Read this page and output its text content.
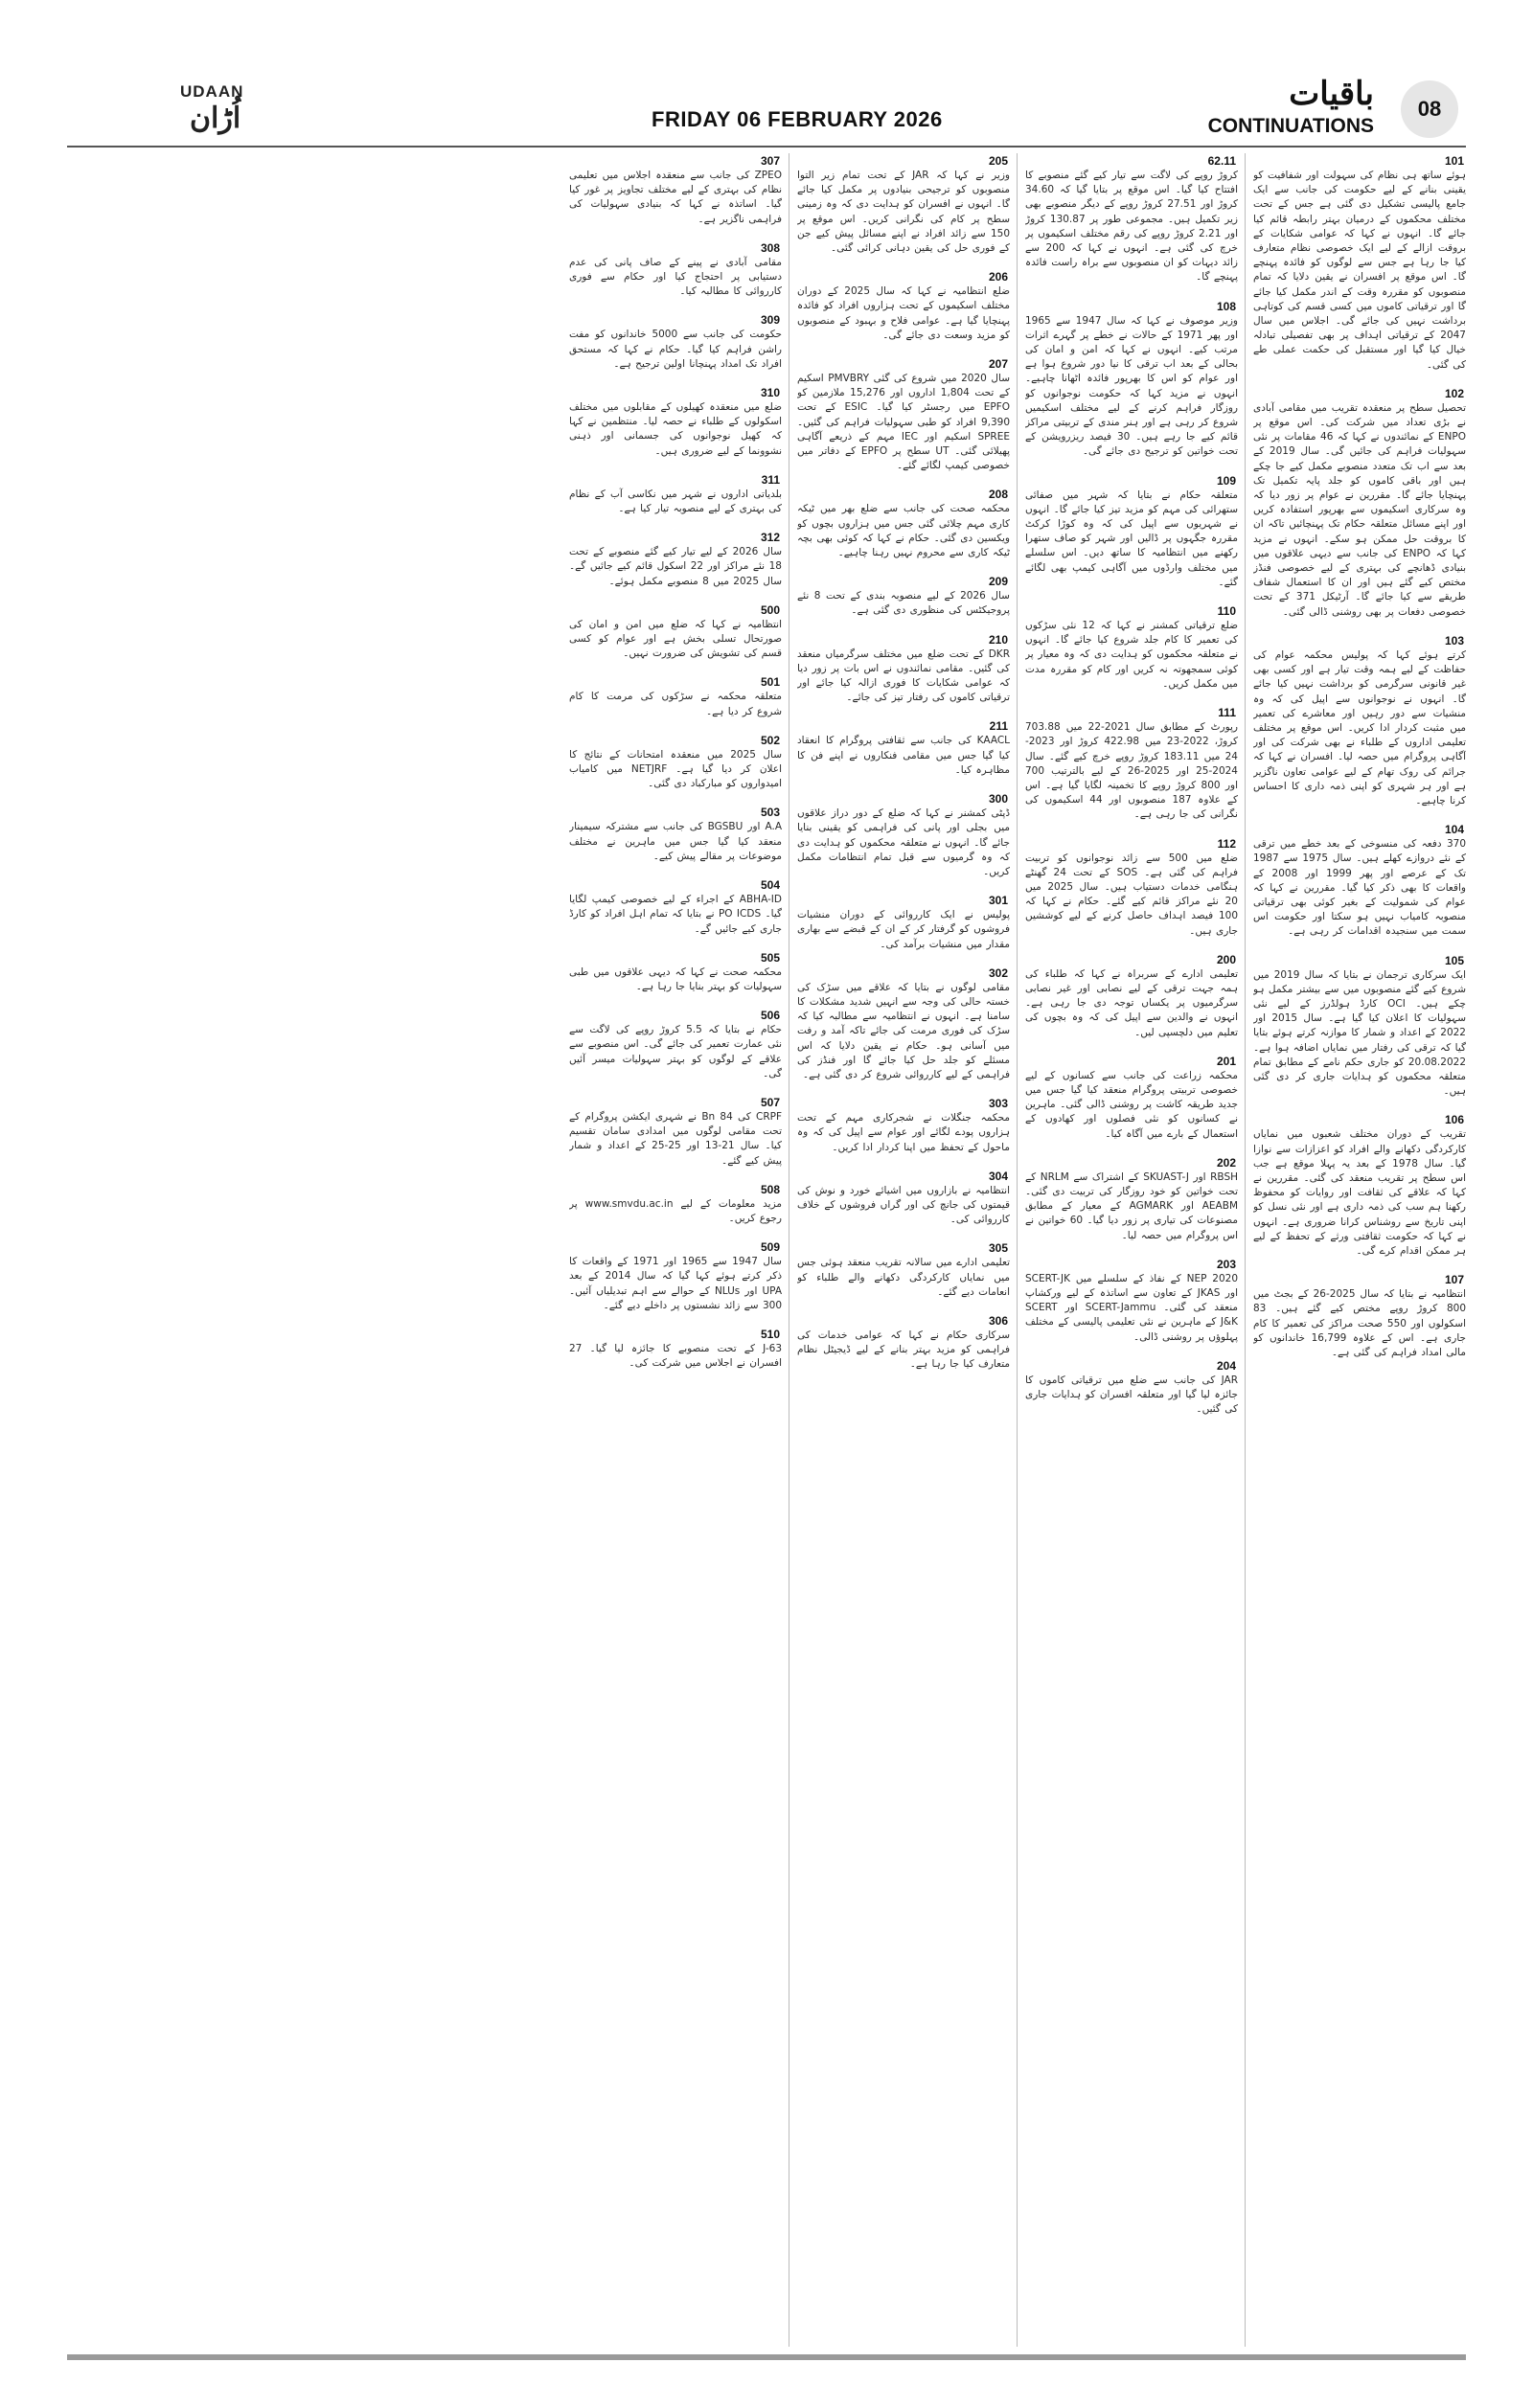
UDAAN
اُڑان	FRIDAY 06 FEBRUARY 2026
باقیات
CONTINUATIONS
08
101
ہوئے ساتھ ہی نظام کی سہولت اور شفافیت کو یقینی بنانے کے لیے حکومت کی جانب سے ایک جامع پالیسی تشکیل دی گئی ہے جس کے تحت مختلف محکموں کے درمیان بہتر رابطہ قائم کیا جائے گا۔ انہوں نے کہا کہ عوامی شکایات کے بروقت ازالے کے لیے ایک خصوصی نظام متعارف کیا جا رہا ہے جس سے لوگوں کو فائدہ پہنچے گا۔ اس موقع پر افسران نے یقین دلایا کہ تمام منصوبوں کو مقررہ وقت کے اندر مکمل کیا جائے گا اور ترقیاتی کاموں میں کسی قسم کی کوتاہی برداشت نہیں کی جائے گی۔ اجلاس میں سال 2047 کے ترقیاتی اہداف پر بھی تفصیلی تبادلہ خیال کیا گیا اور مستقبل کی حکمت عملی طے کی گئی۔
102
تحصیل سطح پر منعقدہ تقریب میں مقامی آبادی نے بڑی تعداد میں شرکت کی۔ اس موقع پر ENPO کے نمائندوں نے کہا کہ 46 مقامات پر نئی سہولیات فراہم کی جائیں گی۔ سال 2019 کے بعد سے اب تک متعدد منصوبے مکمل کیے جا چکے ہیں اور باقی کاموں کو جلد پایہ تکمیل تک پہنچایا جائے گا۔ مقررین نے عوام پر زور دیا کہ وہ سرکاری اسکیموں سے بھرپور استفادہ کریں اور اپنے مسائل متعلقہ حکام تک پہنچائیں تاکہ ان کا بروقت حل ممکن ہو سکے۔ انہوں نے مزید کہا کہ ENPO کی جانب سے دیہی علاقوں میں بنیادی ڈھانچے کی بہتری کے لیے خصوصی فنڈز مختص کیے گئے ہیں اور ان کا استعمال شفاف طریقے سے کیا جائے گا۔ آرٹیکل 371 کے تحت خصوصی دفعات پر بھی روشنی ڈالی گئی۔
103
کرتے ہوئے کہا کہ پولیس محکمہ عوام کی حفاظت کے لیے ہمہ وقت تیار ہے اور کسی بھی غیر قانونی سرگرمی کو برداشت نہیں کیا جائے گا۔ انہوں نے نوجوانوں سے اپیل کی کہ وہ منشیات سے دور رہیں اور معاشرے کی تعمیر میں مثبت کردار ادا کریں۔ اس موقع پر مختلف تعلیمی اداروں کے طلباء نے بھی شرکت کی اور آگاہی پروگرام میں حصہ لیا۔ افسران نے کہا کہ جرائم کی روک تھام کے لیے عوامی تعاون ناگزیر ہے اور ہر شہری کو اپنی ذمہ داری کا احساس کرنا چاہیے۔
104
370 دفعہ کی منسوخی کے بعد خطے میں ترقی کے نئے دروازے کھلے ہیں۔ سال 1975 سے 1987 تک کے عرصے اور پھر 1999 اور 2008 کے واقعات کا بھی ذکر کیا گیا۔ مقررین نے کہا کہ عوام کی شمولیت کے بغیر کوئی بھی ترقیاتی منصوبہ کامیاب نہیں ہو سکتا اور حکومت اس سمت میں سنجیدہ اقدامات کر رہی ہے۔
105
ایک سرکاری ترجمان نے بتایا کہ سال 2019 میں شروع کیے گئے منصوبوں میں سے بیشتر مکمل ہو چکے ہیں۔ OCI کارڈ ہولڈرز کے لیے نئی سہولیات کا اعلان کیا گیا ہے۔ سال 2015 اور 2022 کے اعداد و شمار کا موازنہ کرتے ہوئے بتایا گیا کہ ترقی کی رفتار میں نمایاں اضافہ ہوا ہے۔ 20.08.2022 کو جاری حکم نامے کے مطابق تمام متعلقہ محکموں کو ہدایات جاری کر دی گئی ہیں۔
106
تقریب کے دوران مختلف شعبوں میں نمایاں کارکردگی دکھانے والے افراد کو اعزازات سے نوازا گیا۔ سال 1978 کے بعد یہ پہلا موقع ہے جب اس سطح پر تقریب منعقد کی گئی۔ مقررین نے کہا کہ علاقے کی ثقافت اور روایات کو محفوظ رکھنا ہم سب کی ذمہ داری ہے اور نئی نسل کو اپنی تاریخ سے روشناس کرانا ضروری ہے۔ انہوں نے کہا کہ حکومت ثقافتی ورثے کے تحفظ کے لیے ہر ممکن اقدام کرے گی۔
107
انتظامیہ نے بتایا کہ سال 2025-26 کے بجٹ میں 800 کروڑ روپے مختص کیے گئے ہیں۔ 83 اسکولوں اور 550 صحت مراکز کی تعمیر کا کام جاری ہے۔ اس کے علاوہ 16,799 خاندانوں کو مالی امداد فراہم کی گئی ہے۔
62.11
کروڑ روپے کی لاگت سے تیار کیے گئے منصوبے کا افتتاح کیا گیا۔ اس موقع پر بتایا گیا کہ 34.60 کروڑ اور 27.51 کروڑ روپے کے دیگر منصوبے بھی زیر تکمیل ہیں۔ مجموعی طور پر 130.87 کروڑ اور 2.21 کروڑ روپے کی رقم مختلف اسکیموں پر خرچ کی گئی ہے۔ انہوں نے کہا کہ 200 سے زائد دیہات کو ان منصوبوں سے براہ راست فائدہ پہنچے گا۔
108
وزیر موصوف نے کہا کہ سال 1947 سے 1965 اور پھر 1971 کے حالات نے خطے پر گہرے اثرات مرتب کیے۔ انہوں نے کہا کہ امن و امان کی بحالی کے بعد اب ترقی کا نیا دور شروع ہوا ہے اور عوام کو اس کا بھرپور فائدہ اٹھانا چاہیے۔ انہوں نے مزید کہا کہ حکومت نوجوانوں کو روزگار فراہم کرنے کے لیے مختلف اسکیمیں شروع کر رہی ہے اور ہنر مندی کے تربیتی مراکز قائم کیے جا رہے ہیں۔ 30 فیصد ریزرویشن کے تحت خواتین کو ترجیح دی جائے گی۔
109
متعلقہ حکام نے بتایا کہ شہر میں صفائی ستھرائی کی مہم کو مزید تیز کیا جائے گا۔ انہوں نے شہریوں سے اپیل کی کہ وہ کوڑا کرکٹ مقررہ جگہوں پر ڈالیں اور شہر کو صاف ستھرا رکھنے میں انتظامیہ کا ساتھ دیں۔ اس سلسلے میں مختلف وارڈوں میں آگاہی کیمپ بھی لگائے گئے۔
110
ضلع ترقیاتی کمشنر نے کہا کہ 12 نئی سڑکوں کی تعمیر کا کام جلد شروع کیا جائے گا۔ انہوں نے متعلقہ محکموں کو ہدایت دی کہ وہ معیار پر کوئی سمجھوتہ نہ کریں اور کام کو مقررہ مدت میں مکمل کریں۔
111
رپورٹ کے مطابق سال 2021-22 میں 703.88 کروڑ، 2022-23 میں 422.98 کروڑ اور 2023-24 میں 183.11 کروڑ روپے خرچ کیے گئے۔ سال 2024-25 اور 2025-26 کے لیے بالترتیب 700 اور 800 کروڑ روپے کا تخمینہ لگایا گیا ہے۔ اس کے علاوہ 187 منصوبوں اور 44 اسکیموں کی نگرانی کی جا رہی ہے۔
112
ضلع میں 500 سے زائد نوجوانوں کو تربیت فراہم کی گئی ہے۔ SOS کے تحت 24 گھنٹے ہنگامی خدمات دستیاب ہیں۔ سال 2025 میں 20 نئے مراکز قائم کیے گئے۔ حکام نے کہا کہ 100 فیصد اہداف حاصل کرنے کے لیے کوششیں جاری ہیں۔
200
تعلیمی ادارے کے سربراہ نے کہا کہ طلباء کی ہمہ جہت ترقی کے لیے نصابی اور غیر نصابی سرگرمیوں پر یکساں توجہ دی جا رہی ہے۔ انہوں نے والدین سے اپیل کی کہ وہ بچوں کی تعلیم میں دلچسپی لیں۔
201
محکمہ زراعت کی جانب سے کسانوں کے لیے خصوصی تربیتی پروگرام منعقد کیا گیا جس میں جدید طریقہ کاشت پر روشنی ڈالی گئی۔ ماہرین نے کسانوں کو نئی فصلوں اور کھادوں کے استعمال کے بارے میں آگاہ کیا۔
202
RBSH اور SKUAST-J کے اشتراک سے NRLM کے تحت خواتین کو خود روزگار کی تربیت دی گئی۔ AEABM اور AGMARK کے معیار کے مطابق مصنوعات کی تیاری پر زور دیا گیا۔ 60 خواتین نے اس پروگرام میں حصہ لیا۔
203
NEP 2020 کے نفاذ کے سلسلے میں SCERT-JK اور JKAS کے تعاون سے اساتذہ کے لیے ورکشاپ منعقد کی گئی۔ SCERT-Jammu اور SCERT J&K کے ماہرین نے نئی تعلیمی پالیسی کے مختلف پہلوؤں پر روشنی ڈالی۔
204
JAR کی جانب سے ضلع میں ترقیاتی کاموں کا جائزہ لیا گیا اور متعلقہ افسران کو ہدایات جاری کی گئیں۔
205
وزیر نے کہا کہ JAR کے تحت تمام زیر التوا منصوبوں کو ترجیحی بنیادوں پر مکمل کیا جائے گا۔ انہوں نے افسران کو ہدایت دی کہ وہ زمینی سطح پر کام کی نگرانی کریں۔ اس موقع پر 150 سے زائد افراد نے اپنے مسائل پیش کیے جن کے فوری حل کی یقین دہانی کرائی گئی۔
206
ضلع انتظامیہ نے کہا کہ سال 2025 کے دوران مختلف اسکیموں کے تحت ہزاروں افراد کو فائدہ پہنچایا گیا ہے۔ عوامی فلاح و بہبود کے منصوبوں کو مزید وسعت دی جائے گی۔
207
سال 2020 میں شروع کی گئی PMVBRY اسکیم کے تحت 1,804 اداروں اور 15,276 ملازمین کو EPFO میں رجسٹر کیا گیا۔ ESIC کے تحت 9,390 افراد کو طبی سہولیات فراہم کی گئیں۔ SPREE اسکیم اور IEC مہم کے ذریعے آگاہی پھیلائی گئی۔ UT سطح پر EPFO کے دفاتر میں خصوصی کیمپ لگائے گئے۔
208
محکمہ صحت کی جانب سے ضلع بھر میں ٹیکہ کاری مہم چلائی گئی جس میں ہزاروں بچوں کو ویکسین دی گئی۔ حکام نے کہا کہ کوئی بھی بچہ ٹیکہ کاری سے محروم نہیں رہنا چاہیے۔
209
سال 2026 کے لیے منصوبہ بندی کے تحت 8 نئے پروجیکٹس کی منظوری دی گئی ہے۔
210
DKR کے تحت ضلع میں مختلف سرگرمیاں منعقد کی گئیں۔ مقامی نمائندوں نے اس بات پر زور دیا کہ عوامی شکایات کا فوری ازالہ کیا جائے اور ترقیاتی کاموں کی رفتار تیز کی جائے۔
211
KAACL کی جانب سے ثقافتی پروگرام کا انعقاد کیا گیا جس میں مقامی فنکاروں نے اپنے فن کا مظاہرہ کیا۔
300
ڈپٹی کمشنر نے کہا کہ ضلع کے دور دراز علاقوں میں بجلی اور پانی کی فراہمی کو یقینی بنایا جائے گا۔ انہوں نے متعلقہ محکموں کو ہدایت دی کہ وہ گرمیوں سے قبل تمام انتظامات مکمل کریں۔
301
پولیس نے ایک کارروائی کے دوران منشیات فروشوں کو گرفتار کر کے ان کے قبضے سے بھاری مقدار میں منشیات برآمد کی۔
302
مقامی لوگوں نے بتایا کہ علاقے میں سڑک کی خستہ حالی کی وجہ سے انہیں شدید مشکلات کا سامنا ہے۔ انہوں نے انتظامیہ سے مطالبہ کیا کہ سڑک کی فوری مرمت کی جائے تاکہ آمد و رفت میں آسانی ہو۔ حکام نے یقین دلایا کہ اس مسئلے کو جلد حل کیا جائے گا اور فنڈز کی فراہمی کے لیے کارروائی شروع کر دی گئی ہے۔
303
محکمہ جنگلات نے شجرکاری مہم کے تحت ہزاروں پودے لگائے اور عوام سے اپیل کی کہ وہ ماحول کے تحفظ میں اپنا کردار ادا کریں۔
304
انتظامیہ نے بازاروں میں اشیائے خورد و نوش کی قیمتوں کی جانچ کی اور گراں فروشوں کے خلاف کارروائی کی۔
305
تعلیمی ادارے میں سالانہ تقریب منعقد ہوئی جس میں نمایاں کارکردگی دکھانے والے طلباء کو انعامات دیے گئے۔
306
سرکاری حکام نے کہا کہ عوامی خدمات کی فراہمی کو مزید بہتر بنانے کے لیے ڈیجیٹل نظام متعارف کیا جا رہا ہے۔
307
ZPEO کی جانب سے منعقدہ اجلاس میں تعلیمی نظام کی بہتری کے لیے مختلف تجاویز پر غور کیا گیا۔ اساتذہ نے کہا کہ بنیادی سہولیات کی فراہمی ناگزیر ہے۔
308
مقامی آبادی نے پینے کے صاف پانی کی عدم دستیابی پر احتجاج کیا اور حکام سے فوری کارروائی کا مطالبہ کیا۔
309
حکومت کی جانب سے 5000 خاندانوں کو مفت راشن فراہم کیا گیا۔ حکام نے کہا کہ مستحق افراد تک امداد پہنچانا اولین ترجیح ہے۔
310
ضلع میں منعقدہ کھیلوں کے مقابلوں میں مختلف اسکولوں کے طلباء نے حصہ لیا۔ منتظمین نے کہا کہ کھیل نوجوانوں کی جسمانی اور ذہنی نشوونما کے لیے ضروری ہیں۔
311
بلدیاتی اداروں نے شہر میں نکاسی آب کے نظام کی بہتری کے لیے منصوبہ تیار کیا ہے۔
312
سال 2026 کے لیے تیار کیے گئے منصوبے کے تحت 18 نئے مراکز اور 22 اسکول قائم کیے جائیں گے۔ سال 2025 میں 8 منصوبے مکمل ہوئے۔
500
انتظامیہ نے کہا کہ ضلع میں امن و امان کی صورتحال تسلی بخش ہے اور عوام کو کسی قسم کی تشویش کی ضرورت نہیں۔
501
متعلقہ محکمہ نے سڑکوں کی مرمت کا کام شروع کر دیا ہے۔
502
سال 2025 میں منعقدہ امتحانات کے نتائج کا اعلان کر دیا گیا ہے۔ NETJRF میں کامیاب امیدواروں کو مبارکباد دی گئی۔
503
A.A اور BGSBU کی جانب سے مشترکہ سیمینار منعقد کیا گیا جس میں ماہرین نے مختلف موضوعات پر مقالے پیش کیے۔
504
ABHA-ID کے اجراء کے لیے خصوصی کیمپ لگایا گیا۔ PO ICDS نے بتایا کہ تمام اہل افراد کو کارڈ جاری کیے جائیں گے۔
505
محکمہ صحت نے کہا کہ دیہی علاقوں میں طبی سہولیات کو بہتر بنایا جا رہا ہے۔
506
حکام نے بتایا کہ 5.5 کروڑ روپے کی لاگت سے نئی عمارت تعمیر کی جائے گی۔ اس منصوبے سے علاقے کے لوگوں کو بہتر سہولیات میسر آئیں گی۔
507
CRPF کی 84 Bn نے شہری ایکشن پروگرام کے تحت مقامی لوگوں میں امدادی سامان تقسیم کیا۔ سال 21-13 اور 25-25 کے اعداد و شمار پیش کیے گئے۔
508
مزید معلومات کے لیے www.smvdu.ac.in پر رجوع کریں۔
509
سال 1947 سے 1965 اور 1971 کے واقعات کا ذکر کرتے ہوئے کہا گیا کہ سال 2014 کے بعد UPA اور NLUs کے حوالے سے اہم تبدیلیاں آئیں۔ 300 سے زائد نشستوں پر داخلے دیے گئے۔
510
J-63 کے تحت منصوبے کا جائزہ لیا گیا۔ 27 افسران نے اجلاس میں شرکت کی۔
